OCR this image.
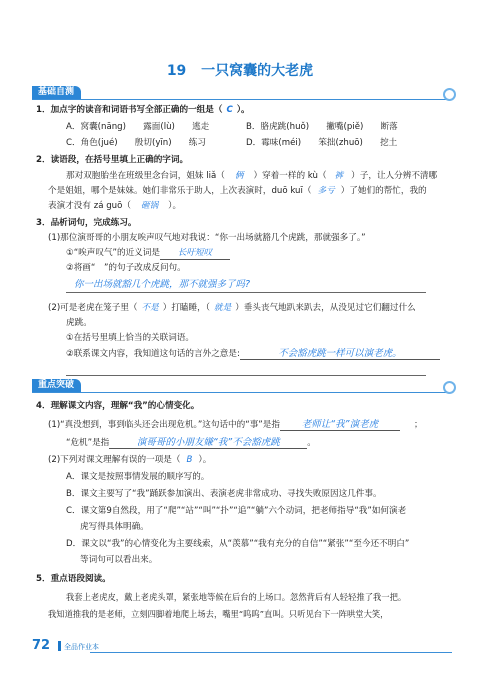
19 一只窝囊的大老虎
基础自测
1．加点字的读音和词语书写全部正确的一组是（ C ）。
A．窝囊(nāng)　　露面(lù)　　逃走	B．胳虎跳(huǒ)　　撇嘴(piě)　　断落
C．角色(jué)　　殷切(yīn)　　练习	D．霉味(méi)　　笨拙(zhuō)　　挖土
2．读语段，在括号里填上正确的字词。
那对双胞胎坐在班级里念台词，姐妹 liǎ（ 俩 ）穿着一样的 kù（ 裤 ）子，让人分辨不清哪
个是姐姐，哪个是妹妹。她们非常乐于助人，上次表演时，duō kuī（ 多亏 ）了她们的帮忙，我的
表演才没有 zá guō（ 砸锅 ）。
3．品析词句，完成练习。
(1)那位演哥哥的小朋友唉声叹气地对我说：“你一出场就豁几个虎跳，那就强多了。”
①“唉声叹气”的近义词是 长吁短叹
②将画“　”的句子改成反问句。
你一出场就豁几个虎跳，那不就强多了吗?
(2)可是老虎在笼子里（ 不是 ）打瞌睡，（ 就是 ）垂头丧气地趴来趴去，从没见过它们翻过什么
虎跳。
①在括号里填上恰当的关联词语。
②联系课文内容，我知道这句话的言外之意是:	不会豁虎跳一样可以演老虎。
重点突破
4．理解课文内容，理解“我”的心情变化。
(1)“真没想到，事到临头还会出现危机。”这句话中的“事”是指 老师让“我”演老虎	；
“危机”是指	演哥哥的小朋友嫌“我”不会豁虎跳	。
(2)下列对课文理解有误的一项是（ B ）。
A．课文是按照事情发展的顺序写的。
B．课文主要写了“我”踊跃参加演出、表演老虎非常成功、寻找失败原因这几件事。
C．课文第9自然段，用了“爬”“站”“叫”“扑”“追”“躺”六个动词，把老师指导“我”如何演老
虎写得具体明确。
D．课文以“我”的心情变化为主要线索，从“羡慕”“我有充分的自信”“紧张”“至今还不明白”
等词句可以看出来。
5．重点语段阅读。
我套上老虎皮，戴上老虎头罩，紧张地等候在后台的上场口。忽然背后有人轻轻推了我一把。
我知道推我的是老师，立刻四脚着地爬上场去，嘴里“呜呜”直叫。只听见台下一阵哄堂大笑，
72 全品作业本
